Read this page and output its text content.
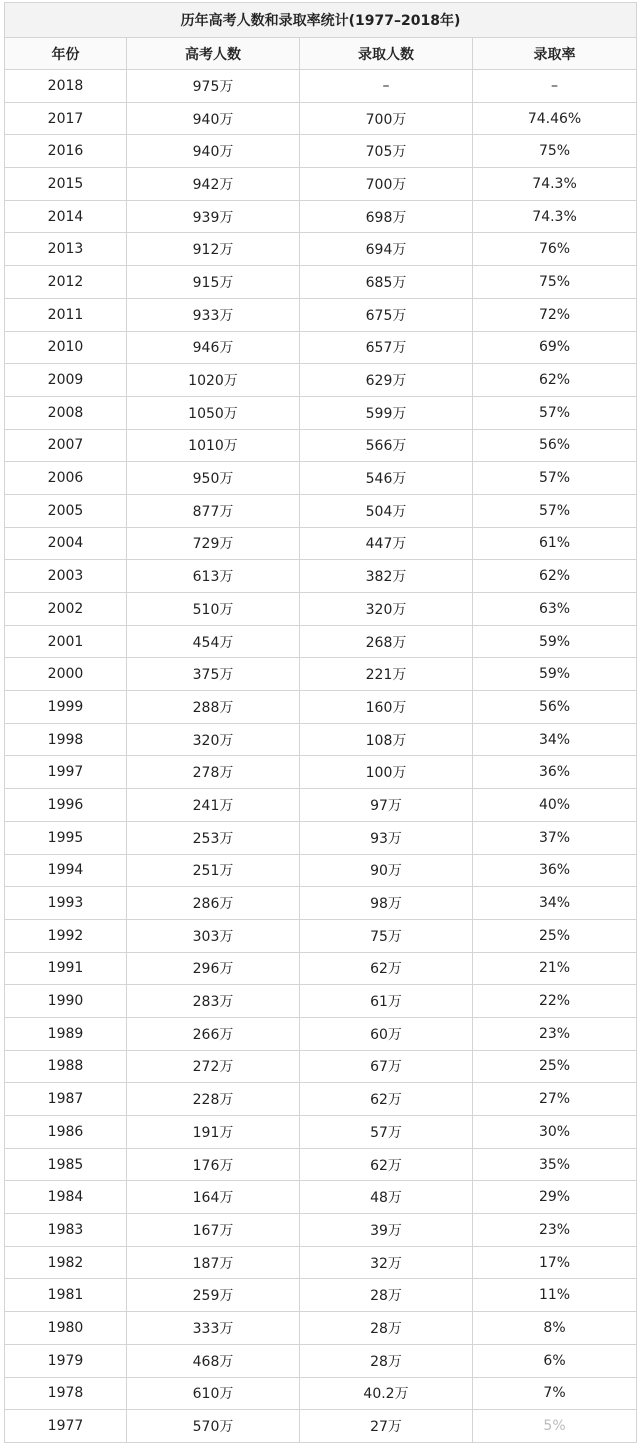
历年高考人数和录取率统计(1977–2018年)			
年份	高考人数	录取人数	录取率
2018	975万	–	–
2017	940万	700万	74.46%
2016	940万	705万	75%
2015	942万	700万	74.3%
2014	939万	698万	74.3%
2013	912万	694万	76%
2012	915万	685万	75%
2011	933万	675万	72%
2010	946万	657万	69%
2009	1020万	629万	62%
2008	1050万	599万	57%
2007	1010万	566万	56%
2006	950万	546万	57%
2005	877万	504万	57%
2004	729万	447万	61%
2003	613万	382万	62%
2002	510万	320万	63%
2001	454万	268万	59%
2000	375万	221万	59%
1999	288万	160万	56%
1998	320万	108万	34%
1997	278万	100万	36%
1996	241万	97万	40%
1995	253万	93万	37%
1994	251万	90万	36%
1993	286万	98万	34%
1992	303万	75万	25%
1991	296万	62万	21%
1990	283万	61万	22%
1989	266万	60万	23%
1988	272万	67万	25%
1987	228万	62万	27%
1986	191万	57万	30%
1985	176万	62万	35%
1984	164万	48万	29%
1983	167万	39万	23%
1982	187万	32万	17%
1981	259万	28万	11%
1980	333万	28万	8%
1979	468万	28万	6%
1978	610万	40.2万	7%
1977	570万	27万	5%
